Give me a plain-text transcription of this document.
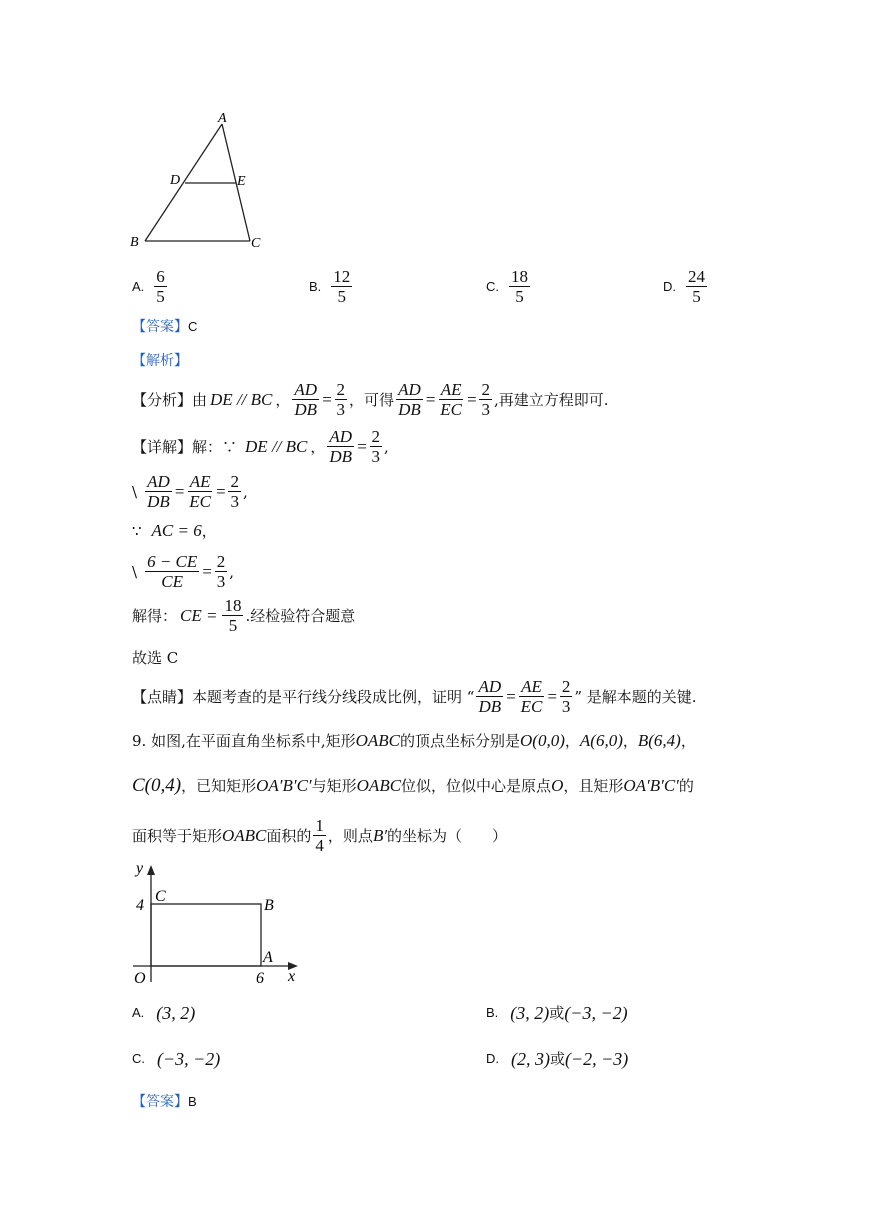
A
D	E
B	C
A. $\frac{6}{5}$	B. $\frac{12}{5}$	C. $\frac{18}{5}$	D. $\frac{24}{5}$
【答案】C
【解析】
【分析】 由 DE // BC ， $\frac{AD}{DB} = \frac{2}{3}$ ，可得 $\frac{AD}{DB} = \frac{AE}{EC} = \frac{2}{3}$ ,再建立方程即可.
【详解】 解：∵ DE // BC ， $\frac{AD}{DB} = \frac{2}{3}$ ,
\ $\frac{AD}{DB} = \frac{AE}{EC} = \frac{2}{3}$ ,
∵ AC = 6 ，
\ $\frac{6 - CE}{CE} = \frac{2}{3}$ ,
解得： CE = $\frac{18}{5}$ .经检验符合题意
故选 C
【点睛】 本题考查的是平行线分线段成比例，证明 “ $\frac{AD}{DB} = \frac{AE}{EC} = \frac{2}{3}$ ” 是解本题的关键.
9. 如图,在平面直角坐标系中,矩形 OABC 的顶点坐标分别是 O(0,0) ， A(6,0) ， B(6,4) ，
C(0,4) ，已知矩形 OA′B′C′ 与矩形 OABC 位似，位似中心是原点 O ，且矩形 OA′B′C′ 的
面积等于矩形 OABC 面积的 $\frac{1}{4}$ ，则点 B′ 的坐标为（　　）
y
x
O
C
B
A
4
6
A. (3, 2)	B. (3, 2) 或 (−3, −2)
C. (−3, −2)	D. (2, 3) 或 (−2, −3)
【答案】B
